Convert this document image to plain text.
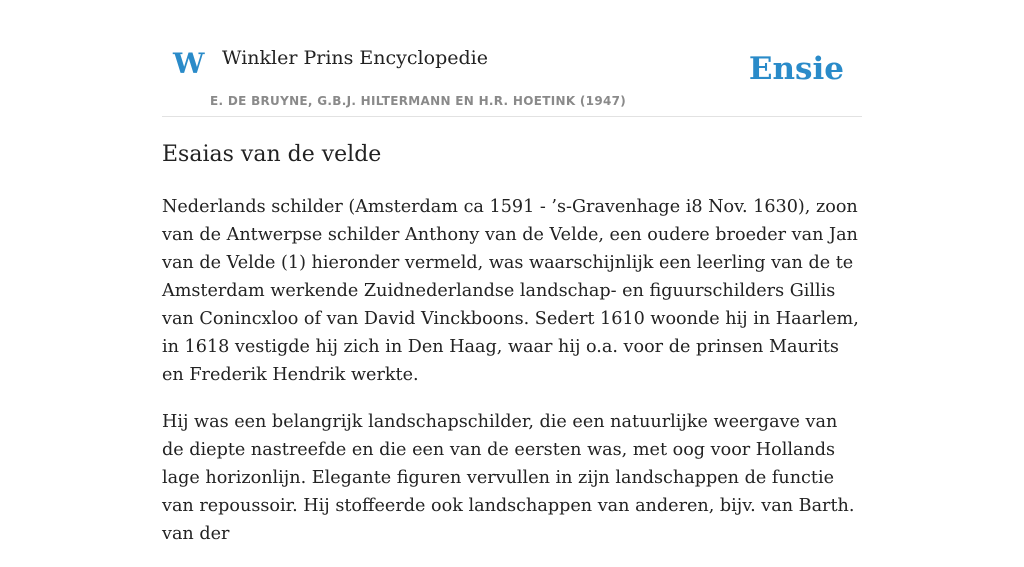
W Winkler Prins Encyclopedie
E. DE BRUYNE, G.B.J. HILTERMANN EN H.R. HOETINK (1947)
Ensie
Esaias van de velde

Nederlands schilder (Amsterdam ca 1591 - ’s-Gravenhage i8 Nov. 1630), zoon van de Antwerpse schilder Anthony van de Velde, een oudere broeder van Jan van de Velde (1) hieronder vermeld, was waarschijnlijk een leerling van de te Amsterdam werkende Zuidnederlandse landschap- en figuurschilders Gillis van Conincxloo of van David Vinckboons. Sedert 1610 woonde hij in Haarlem, in 1618 vestigde hij zich in Den Haag, waar hij o.a. voor de prinsen Maurits en Frederik Hendrik werkte.

Hij was een belangrijk landschapschilder, die een natuurlijke weergave van de diepte nastreefde en die een van de eersten was, met oog voor Hollands lage horizonlijn. Elegante figuren vervullen in zijn landschappen de functie van repoussoir. Hij stoffeerde ook landschappen van anderen, bijv. van Barth. van der
